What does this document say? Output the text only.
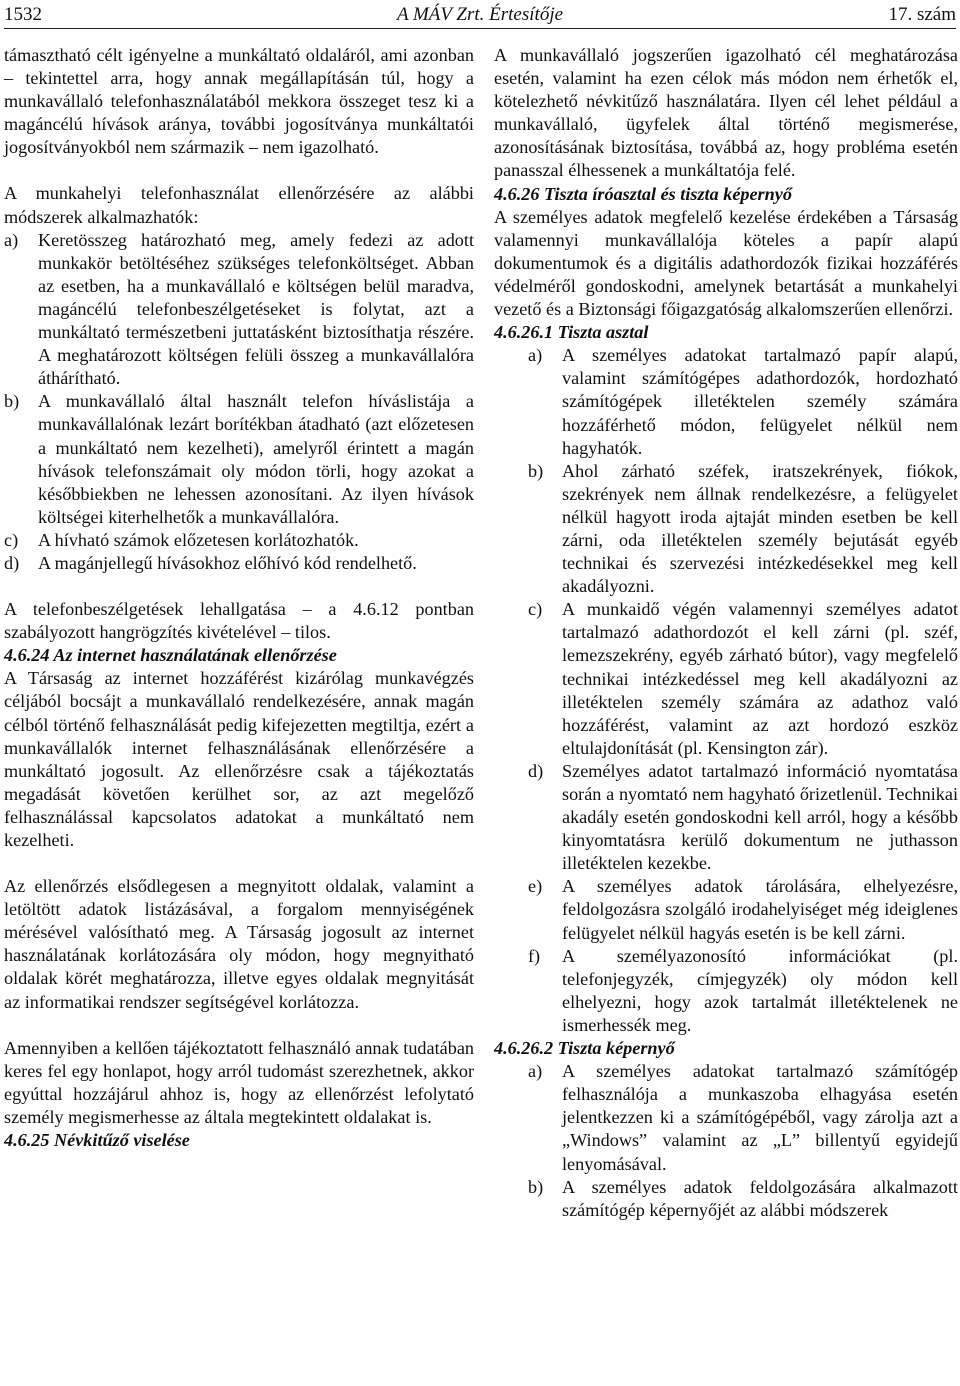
1532	A MÁV Zrt. Értesítője	17. szám

támasztható célt igényelne a munkáltató oldaláról, ami azonban – tekintettel arra, hogy annak megállapításán túl, hogy a munkavállaló telefonhasználatából mekkora összeget tesz ki a magáncélú hívások aránya, további jogosítványa munkáltatói jogosítványokból nem származik – nem igazolható.

A munkahelyi telefonhasználat ellenőrzésére az alábbi módszerek alkalmazhatók:

a)	Keretösszeg határozható meg, amely fedezi az adott munkakör betöltéséhez szükséges telefonköltséget. Abban az esetben, ha a munkavállaló e költségen belül maradva, magáncélú telefonbeszélgetéseket is folytat, azt a munkáltató természetbeni juttatásként biztosíthatja részére. A meghatározott költségen felüli összeg a munkavállalóra áthárítható.
b)	A munkavállaló által használt telefon híváslistája a munkavállalónak lezárt borítékban átadható (azt előzetesen a munkáltató nem kezelheti), amelyről érintett a magán hívások telefonszámait oly módon törli, hogy azokat a későbbiekben ne lehessen azonosítani. Az ilyen hívások költségei kiterhelhetők a munkavállalóra.
c)	A hívható számok előzetesen korlátozhatók.
d)	A magánjellegű hívásokhoz előhívó kód rendelhető.

A telefonbeszélgetések lehallgatása – a 4.6.12 pontban szabályozott hangrögzítés kivételével – tilos.

4.6.24 Az internet használatának ellenőrzése

A Társaság az internet hozzáférést kizárólag munkavégzés céljából bocsájt a munkavállaló rendelkezésére, annak magán célból történő felhasználását pedig kifejezetten megtiltja, ezért a munkavállalók internet felhasználásának ellenőrzésére a munkáltató jogosult. Az ellenőrzésre csak a tájékoztatás megadását követően kerülhet sor, az azt megelőző felhasználással kapcsolatos adatokat a munkáltató nem kezelheti.

Az ellenőrzés elsődlegesen a megnyitott oldalak, valamint a letöltött adatok listázásával, a forgalom mennyiségének mérésével valósítható meg. A Társaság jogosult az internet használatának korlátozására oly módon, hogy megnyitható oldalak körét meghatározza, illetve egyes oldalak megnyitását az informatikai rendszer segítségével korlátozza.

Amennyiben a kellően tájékoztatott felhasználó annak tudatában keres fel egy honlapot, hogy arról tudomást szerezhetnek, akkor egyúttal hozzájárul ahhoz is, hogy az ellenőrzést lefolytató személy megismerhesse az általa megtekintett oldalakat is.

4.6.25 Névkitűző viselése

A munkavállaló jogszerűen igazolható cél meghatározása esetén, valamint ha ezen célok más módon nem érhetők el, kötelezhető névkitűző használatára. Ilyen cél lehet például a munkavállaló, ügyfelek által történő megismerése, azonosításának biztosítása, továbbá az, hogy probléma esetén panasszal élhessenek a munkáltatója felé.

4.6.26 Tiszta íróasztal és tiszta képernyő

A személyes adatok megfelelő kezelése érdekében a Társaság valamennyi munkavállalója köteles a papír alapú dokumentumok és a digitális adathordozók fizikai hozzáférés védelméről gondoskodni, amelynek betartását a munkahelyi vezető és a Biztonsági főigazgatóság alkalomszerűen ellenőrzi.

4.6.26.1 Tiszta asztal

a)	A személyes adatokat tartalmazó papír alapú, valamint számítógépes adathordozók, hordozható számítógépek illetéktelen személy számára hozzáférhető módon, felügyelet nélkül nem hagyhatók.
b)	Ahol zárható széfek, iratszekrények, fiókok, szekrények nem állnak rendelkezésre, a felügyelet nélkül hagyott iroda ajtaját minden esetben be kell zárni, oda illetéktelen személy bejutását egyéb technikai és szervezési intézkedésekkel meg kell akadályozni.
c)	A munkaidő végén valamennyi személyes adatot tartalmazó adathordozót el kell zárni (pl. széf, lemezszekrény, egyéb zárható bútor), vagy megfelelő technikai intézkedéssel meg kell akadályozni az illetéktelen személy számára az adathoz való hozzáférést, valamint az azt hordozó eszköz eltulajdonítását (pl. Kensington zár).
d)	Személyes adatot tartalmazó információ nyomtatása során a nyomtató nem hagyható őrizetlenül. Technikai akadály esetén gondoskodni kell arról, hogy a később kinyomtatásra kerülő dokumentum ne juthasson illetéktelen kezekbe.
e)	A személyes adatok tárolására, elhelyezésre, feldolgozásra szolgáló irodahelyiséget még ideiglenes felügyelet nélkül hagyás esetén is be kell zárni.
f)	A személyazonosító információkat (pl. telefonjegyzék, címjegyzék) oly módon kell elhelyezni, hogy azok tartalmát illetéktelenek ne ismerhessék meg.

4.6.26.2 Tiszta képernyő

a)	A személyes adatokat tartalmazó számítógép felhasználója a munkaszoba elhagyása esetén jelentkezzen ki a számítógépéből, vagy zárolja azt a „Windows” valamint az „L” billentyű egyidejű lenyomásával.
b)	A személyes adatok feldolgozására alkalmazott számítógép képernyőjét az alábbi módszerek
